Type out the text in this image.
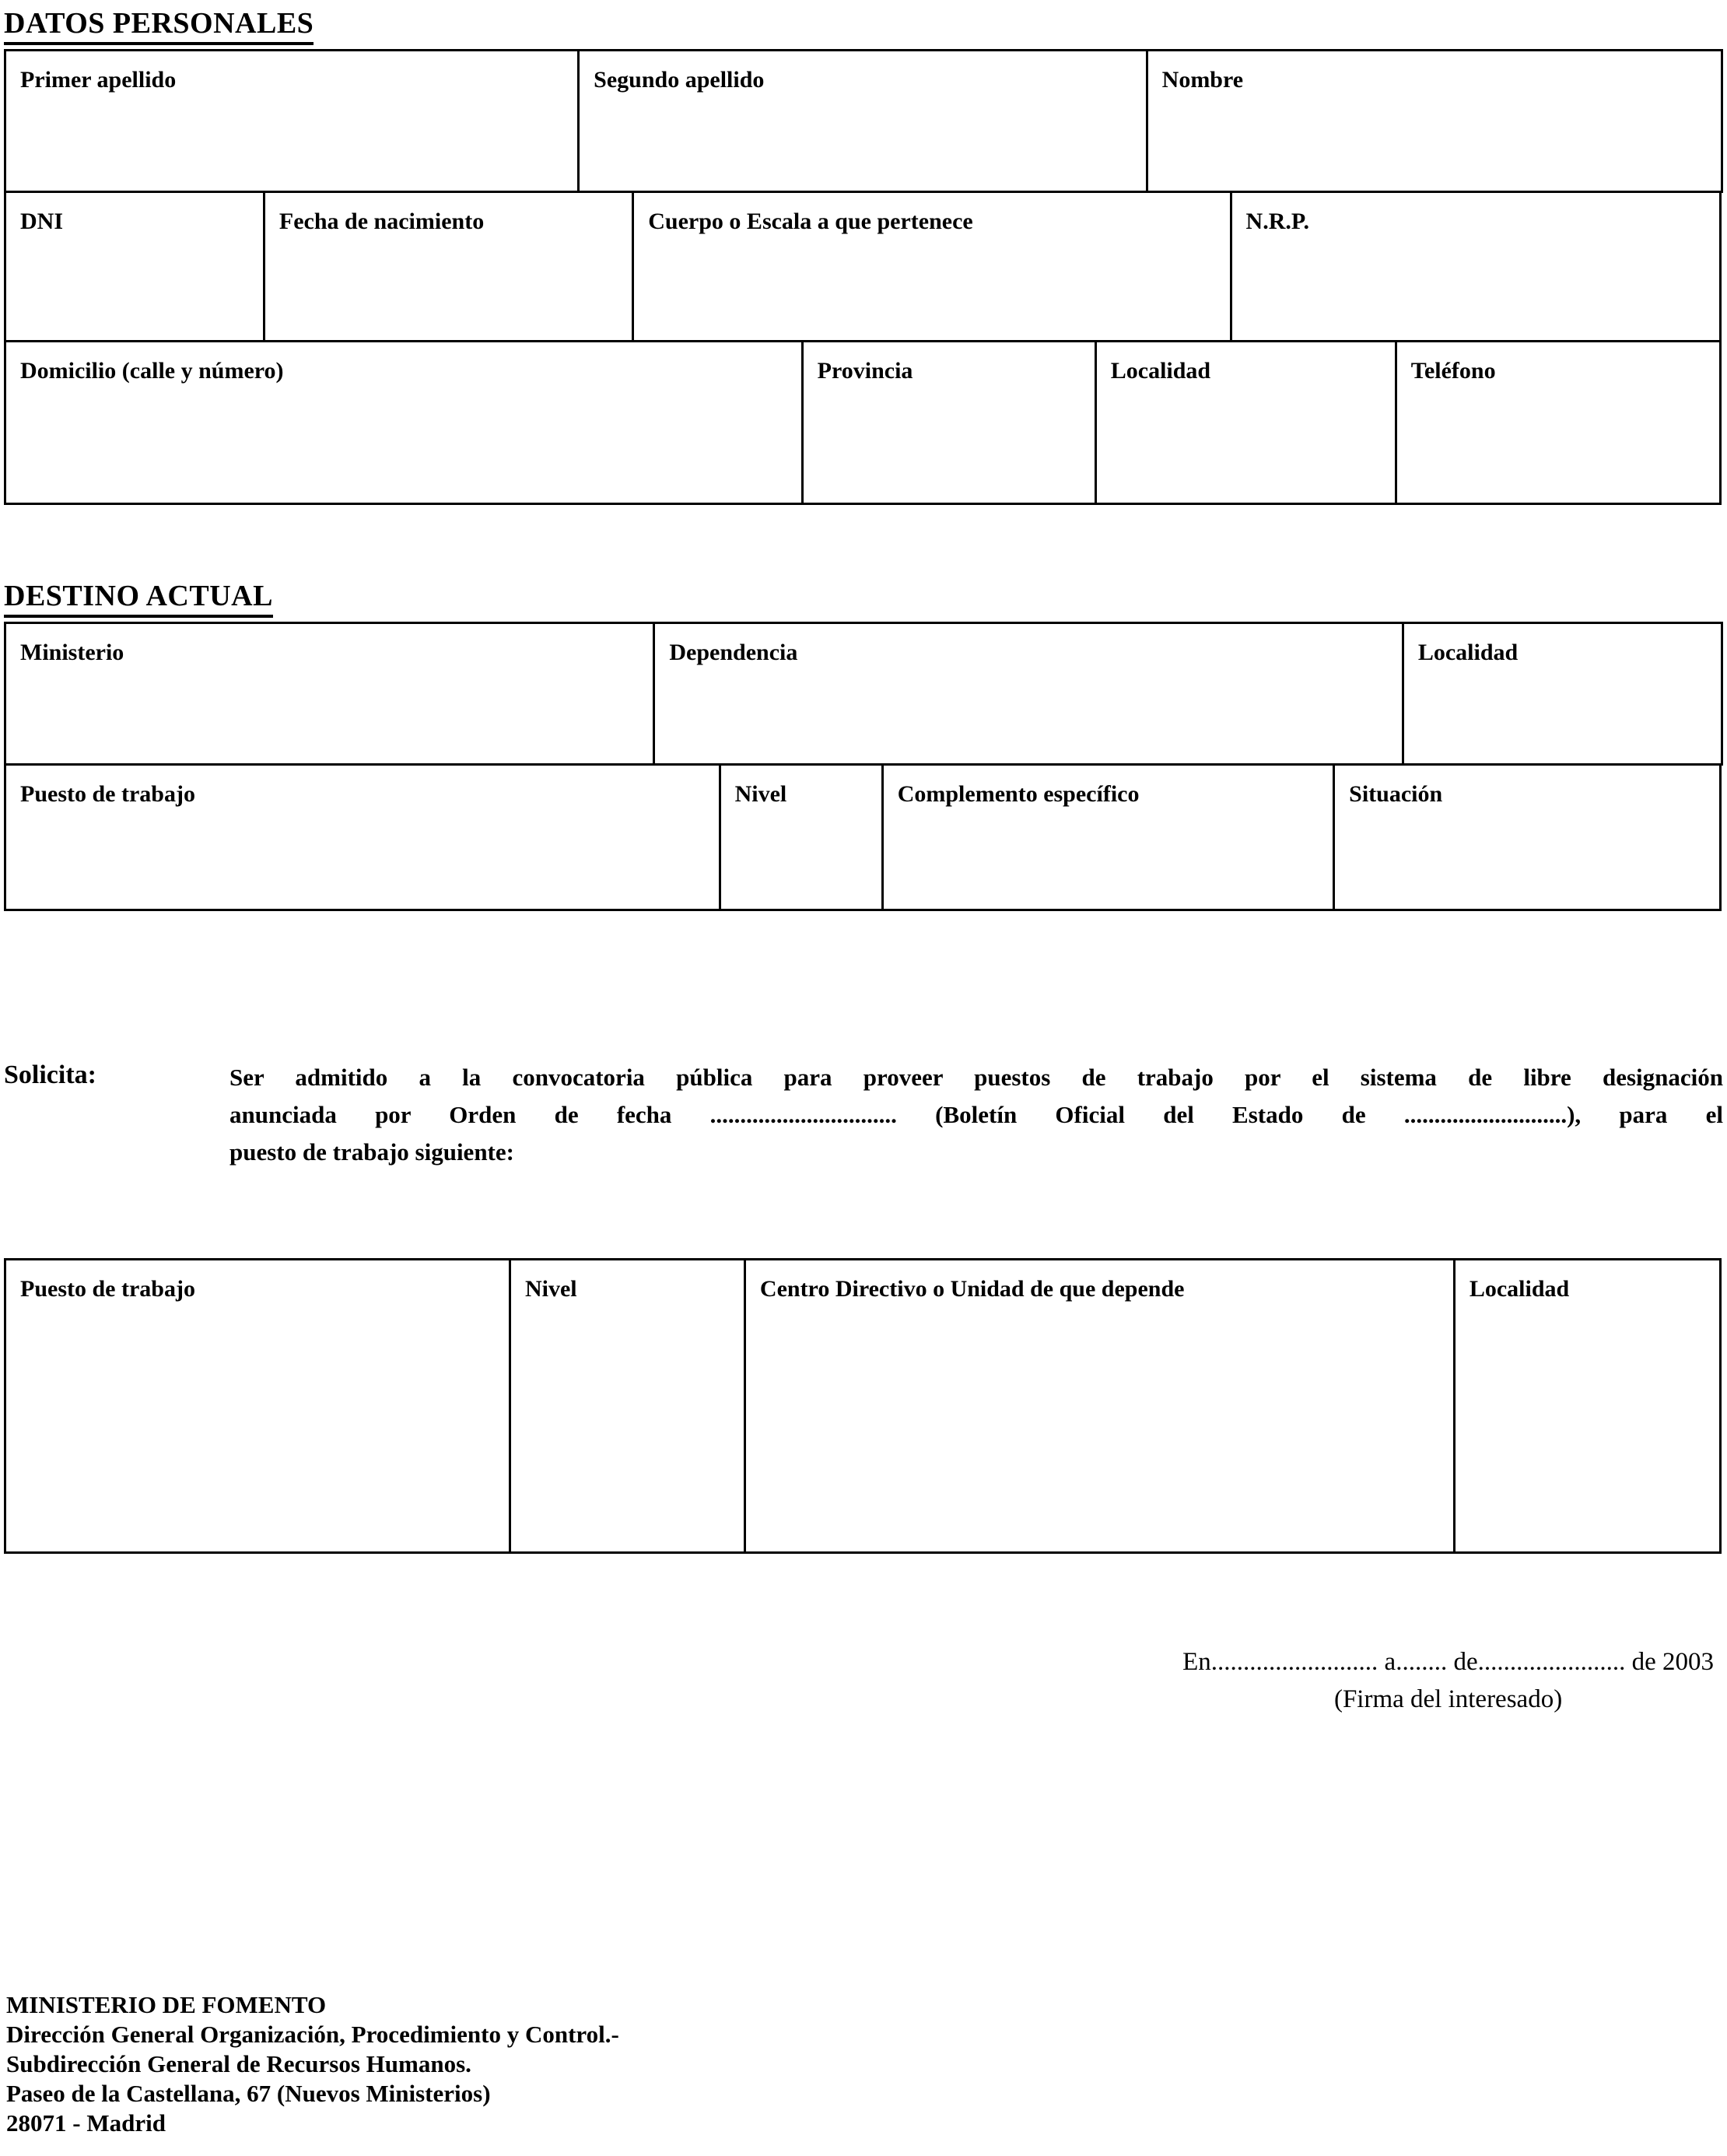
DATOS PERSONALES
Primer apellido	Segundo apellido	Nombre
DNI	Fecha de nacimiento	Cuerpo o Escala a que pertenece	N.R.P.
Domicilio (calle y número)	Provincia	Localidad	Teléfono
DESTINO ACTUAL
Ministerio	Dependencia	Localidad
Puesto de trabajo	Nivel	Complemento específico	Situación
Solicita:	Ser admitido a la convocatoria pública para proveer puestos de trabajo por el sistema de libre designación
anunciada por Orden de fecha ............................... (Boletín Oficial del Estado de ...........................), para el
puesto de trabajo siguiente:
Puesto de trabajo	Nivel	Centro Directivo o Unidad de que depende	Localidad
En.......................... a........ de....................... de 2003
(Firma del interesado)
MINISTERIO DE FOMENTO
Dirección General Organización, Procedimiento y Control.-
Subdirección General de Recursos Humanos.
Paseo de la Castellana, 67 (Nuevos Ministerios)
28071 - Madrid
